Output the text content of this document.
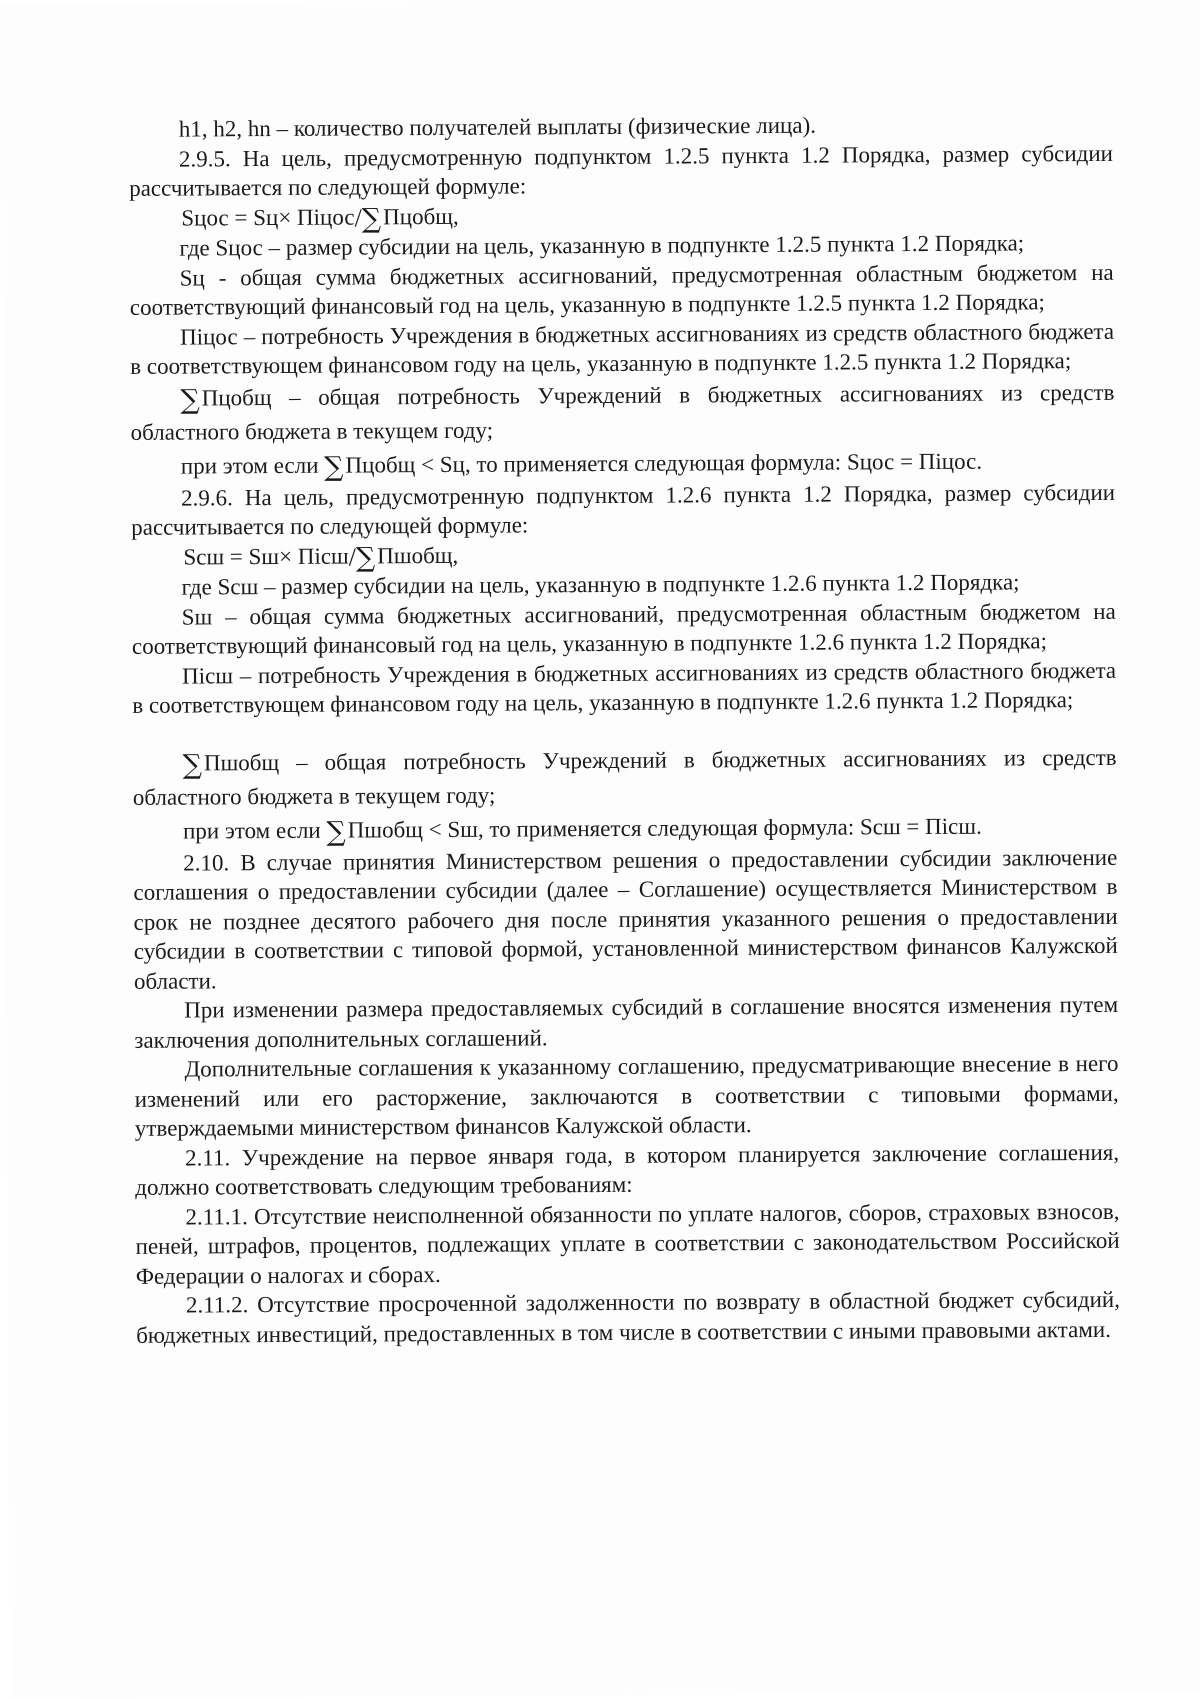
h1, h2, hn – количество получателей выплаты (физические лица).

2.9.5. На цель, предусмотренную подпунктом 1.2.5 пункта 1.2 Порядка, размер субсидии рассчитывается по следующей формуле:

Sцос = Sц× Пiцос/∑Пцобщ,

где Sцос – размер субсидии на цель, указанную в подпункте 1.2.5 пункта 1.2 Порядка;

Sц - общая сумма бюджетных ассигнований, предусмотренная областным бюджетом на соответствующий финансовый год на цель, указанную в подпункте 1.2.5 пункта 1.2 Порядка;

Пiцос – потребность Учреждения в бюджетных ассигнованиях из средств областного бюджета в соответствующем финансовом году на цель, указанную в подпункте 1.2.5 пункта 1.2 Порядка;

∑Пцобщ – общая потребность Учреждений в бюджетных ассигнованиях из средств областного бюджета в текущем году;

при этом если ∑Пцобщ < Sц, то применяется следующая формула: Sцос = Пiцос.

2.9.6. На цель, предусмотренную подпунктом 1.2.6 пункта 1.2 Порядка, размер субсидии рассчитывается по следующей формуле:

Sсш = Sш× Пiсш/∑Пшобщ,

где Sсш – размер субсидии на цель, указанную в подпункте 1.2.6 пункта 1.2 Порядка;

Sш – общая сумма бюджетных ассигнований, предусмотренная областным бюджетом на соответствующий финансовый год на цель, указанную в подпункте 1.2.6 пункта 1.2 Порядка;

Пiсш – потребность Учреждения в бюджетных ассигнованиях из средств областного бюджета в соответствующем финансовом году на цель, указанную в подпункте 1.2.6 пункта 1.2 Порядка;

∑Пшобщ – общая потребность Учреждений в бюджетных ассигнованиях из средств областного бюджета в текущем году;

при этом если ∑Пшобщ < Sш, то применяется следующая формула: Sсш = Пiсш.

2.10. В случае принятия Министерством решения о предоставлении субсидии заключение соглашения о предоставлении субсидии (далее – Соглашение) осуществляется Министерством в срок не позднее десятого рабочего дня после принятия указанного решения о предоставлении субсидии в соответствии с типовой формой, установленной министерством финансов Калужской области.

При изменении размера предоставляемых субсидий в соглашение вносятся изменения путем заключения дополнительных соглашений.

Дополнительные соглашения к указанному соглашению, предусматривающие внесение в него изменений или его расторжение, заключаются в соответствии с типовыми формами, утверждаемыми министерством финансов Калужской области.

2.11. Учреждение на первое января года, в котором планируется заключение соглашения, должно соответствовать следующим требованиям:

2.11.1. Отсутствие неисполненной обязанности по уплате налогов, сборов, страховых взносов, пеней, штрафов, процентов, подлежащих уплате в соответствии с законодательством Российской Федерации о налогах и сборах.

2.11.2. Отсутствие просроченной задолженности по возврату в областной бюджет субсидий, бюджетных инвестиций, предоставленных в том числе в соответствии с иными правовыми актами.
